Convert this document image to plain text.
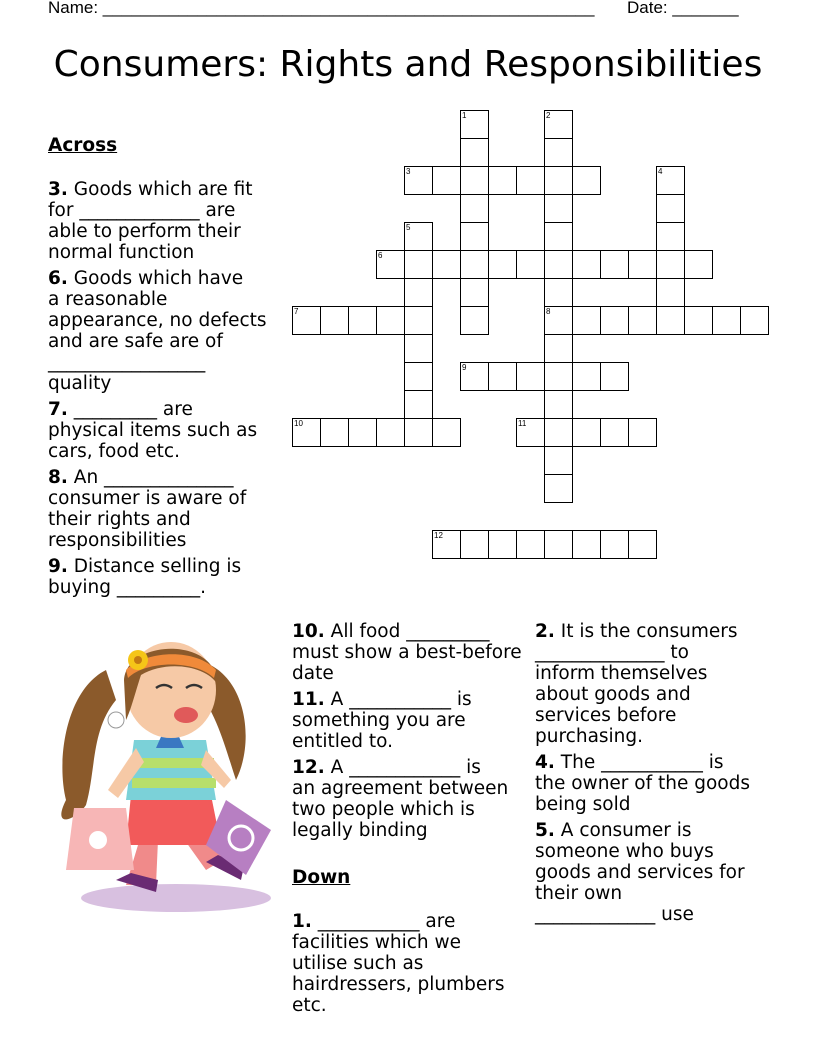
Name: ____________________________________________________ Date: _______
Consumers: Rights and Responsibilities
1	2
8
3	4
5
6
7
9
10	11
12

Across

3. Goods which are fit
for _____________ are
able to perform their
normal function
6. Goods which have
a reasonable
appearance, no defects
and are safe are of
_________________
quality
7. _________ are
physical items such as
cars, food etc.
8. An ______________
consumer is aware of
their rights and
responsibilities
9. Distance selling is
buying _________.

10. All food _________
must show a best-before
date
11. A ___________ is
something you are
entitled to.
12. A ____________ is
an agreement between
two people which is
legally binding

Down

1. ___________ are
facilities which we
utilise such as
hairdressers, plumbers
etc.

2. It is the consumers
______________ to
inform themselves
about goods and
services before
purchasing.
4. The ___________ is
the owner of the goods
being sold
5. A consumer is
someone who buys
goods and services for
their own
_____________ use
